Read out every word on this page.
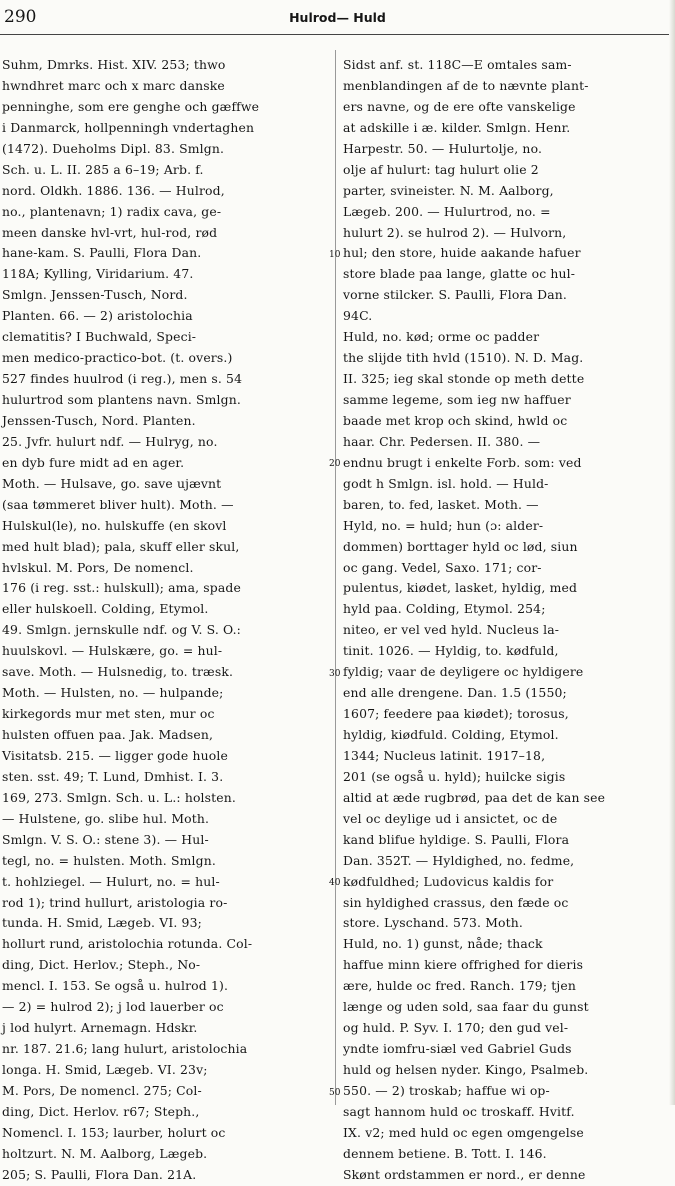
290	Hulrod— Huld
Suhm, Dmrks. Hist. XIV. 253; thwo
hwndhret marc och x marc danske
penninghe, som ere genghe och gæffwe
i Danmarck, hollpenningh vndertaghen
(1472). Dueholms Dipl. 83. Smlgn.
Sch. u. L. II. 285 a 6–19; Arb. f.
nord. Oldkh. 1886. 136. — Hulrod,
no., plantenavn; 1) radix cava, ge-
meen danske hvl-vrt, hul-rod, rød
hane-kam. S. Paulli, Flora Dan.
118A; Kylling, Viridarium. 47.
Smlgn. Jenssen-Tusch, Nord.
Planten. 66. — 2) aristolochia
clematitis? I Buchwald, Speci-
men medico-practico-bot. (t. overs.)
527 findes huulrod (i reg.), men s. 54
hulurtrod som plantens navn. Smlgn.
Jenssen-Tusch, Nord. Planten.
25. Jvfr. hulurt ndf. — Hulryg, no.
en dyb fure midt ad en ager.
Moth. — Hulsave, go. save ujævnt
(saa tømmeret bliver hult). Moth. —
Hulskul(le), no. hulskuffe (en skovl
med hult blad); pala, skuff eller skul,
hvlskul. M. Pors, De nomencl.
176 (i reg. sst.: hulskull); ama, spade
eller hulskoell. Colding, Etymol.
49. Smlgn. jernskulle ndf. og V. S. O.:
huulskovl. — Hulskære, go. = hul-
save. Moth. — Hulsnedig, to. træsk.
Moth. — Hulsten, no. — hulpande;
kirkegords mur met sten, mur oc
hulsten offuen paa. Jak. Madsen,
Visitatsb. 215. — ligger gode huole
sten. sst. 49; T. Lund, Dmhist. I. 3.
169, 273. Smlgn. Sch. u. L.: holsten.
— Hulstene, go. slibe hul. Moth.
Smlgn. V. S. O.: stene 3). — Hul-
tegl, no. = hulsten. Moth. Smlgn.
t. hohlziegel. — Hulurt, no. = hul-
rod 1); trind hullurt, aristologia ro-
tunda. H. Smid, Lægeb. VI. 93;
hollurt rund, aristolochia rotunda. Col-
ding, Dict. Herlov.; Steph., No-
mencl. I. 153. Se også u. hulrod 1).
— 2) = hulrod 2); j lod lauerber oc
j lod hulyrt. Arnemagn. Hdskr.
nr. 187. 21.6; lang hulurt, aristolochia
longa. H. Smid, Lægeb. VI. 23v;
M. Pors, De nomencl. 275; Col-
ding, Dict. Herlov. r67; Steph.,
Nomencl. I. 153; laurber, holurt oc
holtzurt. N. M. Aalborg, Lægeb.
205; S. Paulli, Flora Dan. 21A.
10
20
30
40
50
Sidst anf. st. 118C—E omtales sam-
menblandingen af de to nævnte plant-
ers navne, og de ere ofte vanskelige
at adskille i æ. kilder. Smlgn. Henr.
Harpestr. 50. — Hulurtolje, no.
olje af hulurt: tag hulurt olie 2
parter, svineister. N. M. Aalborg,
Lægeb. 200. — Hulurtrod, no. =
hulurt 2). se hulrod 2). — Hulvorn,
hul; den store, huide aakande hafuer
store blade paa lange, glatte oc hul-
vorne stilcker. S. Paulli, Flora Dan.
94C.
Huld, no. kød; orme oc padder
the slijde tith hvld (1510). N. D. Mag.
II. 325; ieg skal stonde op meth dette
samme legeme, som ieg nw haffuer
baade met krop och skind, hwld oc
haar. Chr. Pedersen. II. 380. —
endnu brugt i enkelte Forb. som: ved
godt h Smlgn. isl. hold. — Huld-
baren, to. fed, lasket. Moth. —
Hyld, no. = huld; hun (ɔ: alder-
dommen) borttager hyld oc lød, siun
oc gang. Vedel, Saxo. 171; cor-
pulentus, kiødet, lasket, hyldig, med
hyld paa. Colding, Etymol. 254;
niteo, er vel ved hyld. Nucleus la-
tinit. 1026. — Hyldig, to. kødfuld,
fyldig; vaar de deyligere oc hyldigere
end alle drengene. Dan. 1.5 (1550;
1607; feedere paa kiødet); torosus,
hyldig, kiødfuld. Colding, Etymol.
1344; Nucleus latinit. 1917–18,
201 (se også u. hyld); huilcke sigis
altid at æde rugbrød, paa det de kan see
vel oc deylige ud i ansictet, oc de
kand blifue hyldige. S. Paulli, Flora
Dan. 352T. — Hyldighed, no. fedme,
kødfuldhed; Ludovicus kaldis for
sin hyldighed crassus, den fæde oc
store. Lyschand. 573. Moth.
Huld, no. 1) gunst, nåde; thack
haffue minn kiere offrighed for dieris
ære, hulde oc fred. Ranch. 179; tjen
længe og uden sold, saa faar du gunst
og huld. P. Syv. I. 170; den gud vel-
yndte iomfru-siæl ved Gabriel Guds
huld og helsen nyder. Kingo, Psalmeb.
550. — 2) troskab; haffue wi op-
sagt hannom huld oc troskaff. Hvitf.
IX. v2; med huld oc egen omgengelse
dennem betiene. B. Tott. I. 146.
Skønt ordstammen er nord., er denne
